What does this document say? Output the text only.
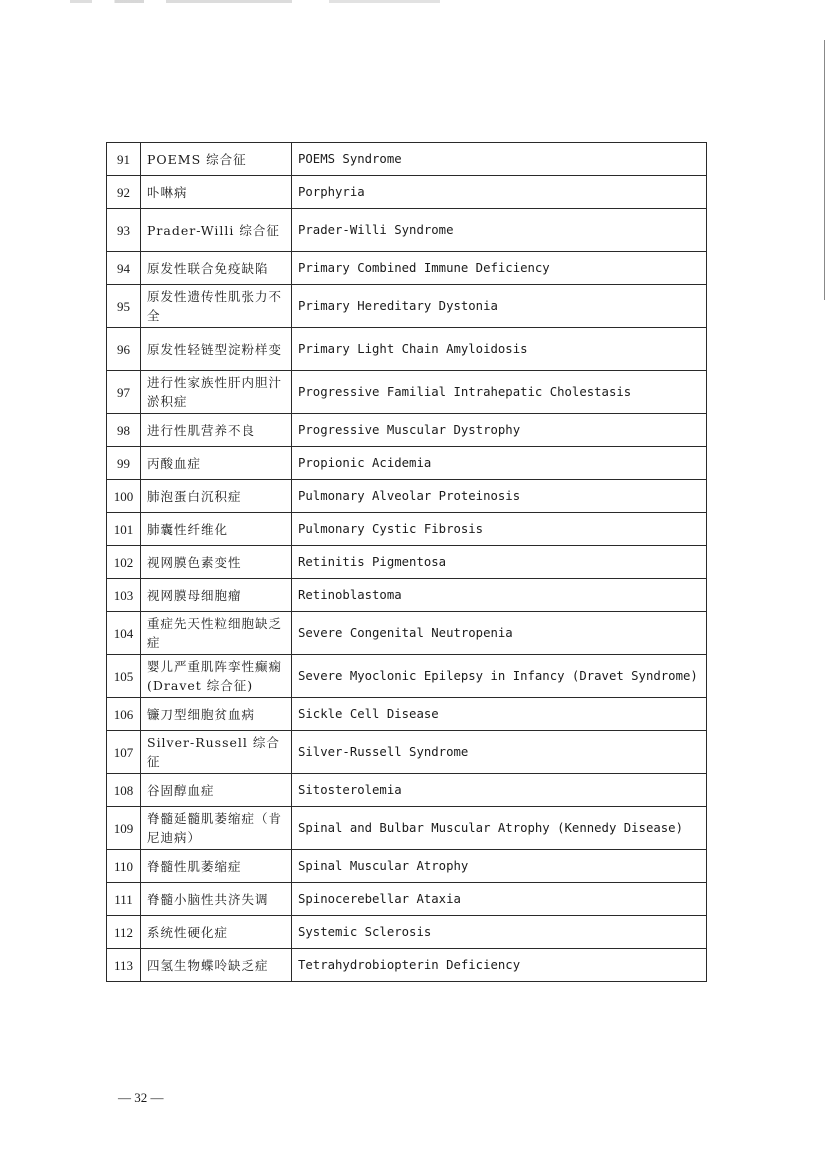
91	POEMS 综合征	POEMS Syndrome
92	卟啉病	Porphyria
93	Prader-Willi 综合征	Prader-Willi Syndrome
94	原发性联合免疫缺陷	Primary Combined Immune Deficiency
95	原发性遗传性肌张力不全	Primary Hereditary Dystonia
96	原发性轻链型淀粉样变	Primary Light Chain Amyloidosis
97	进行性家族性肝内胆汁淤积症	Progressive Familial Intrahepatic Cholestasis
98	进行性肌营养不良	Progressive Muscular Dystrophy
99	丙酸血症	Propionic Acidemia
100	肺泡蛋白沉积症	Pulmonary Alveolar Proteinosis
101	肺囊性纤维化	Pulmonary Cystic Fibrosis
102	视网膜色素变性	Retinitis Pigmentosa
103	视网膜母细胞瘤	Retinoblastoma
104	重症先天性粒细胞缺乏症	Severe Congenital Neutropenia
105	婴儿严重肌阵挛性癫痫(Dravet 综合征)	Severe Myoclonic Epilepsy in Infancy (Dravet Syndrome)
106	镰刀型细胞贫血病	Sickle Cell Disease
107	Silver-Russell 综合征	Silver-Russell Syndrome
108	谷固醇血症	Sitosterolemia
109	脊髓延髓肌萎缩症（肯尼迪病）	Spinal and Bulbar Muscular Atrophy (Kennedy Disease)
110	脊髓性肌萎缩症	Spinal Muscular Atrophy
111	脊髓小脑性共济失调	Spinocerebellar Ataxia
112	系统性硬化症	Systemic Sclerosis
113	四氢生物蝶呤缺乏症	Tetrahydrobiopterin Deficiency
— 32 —
